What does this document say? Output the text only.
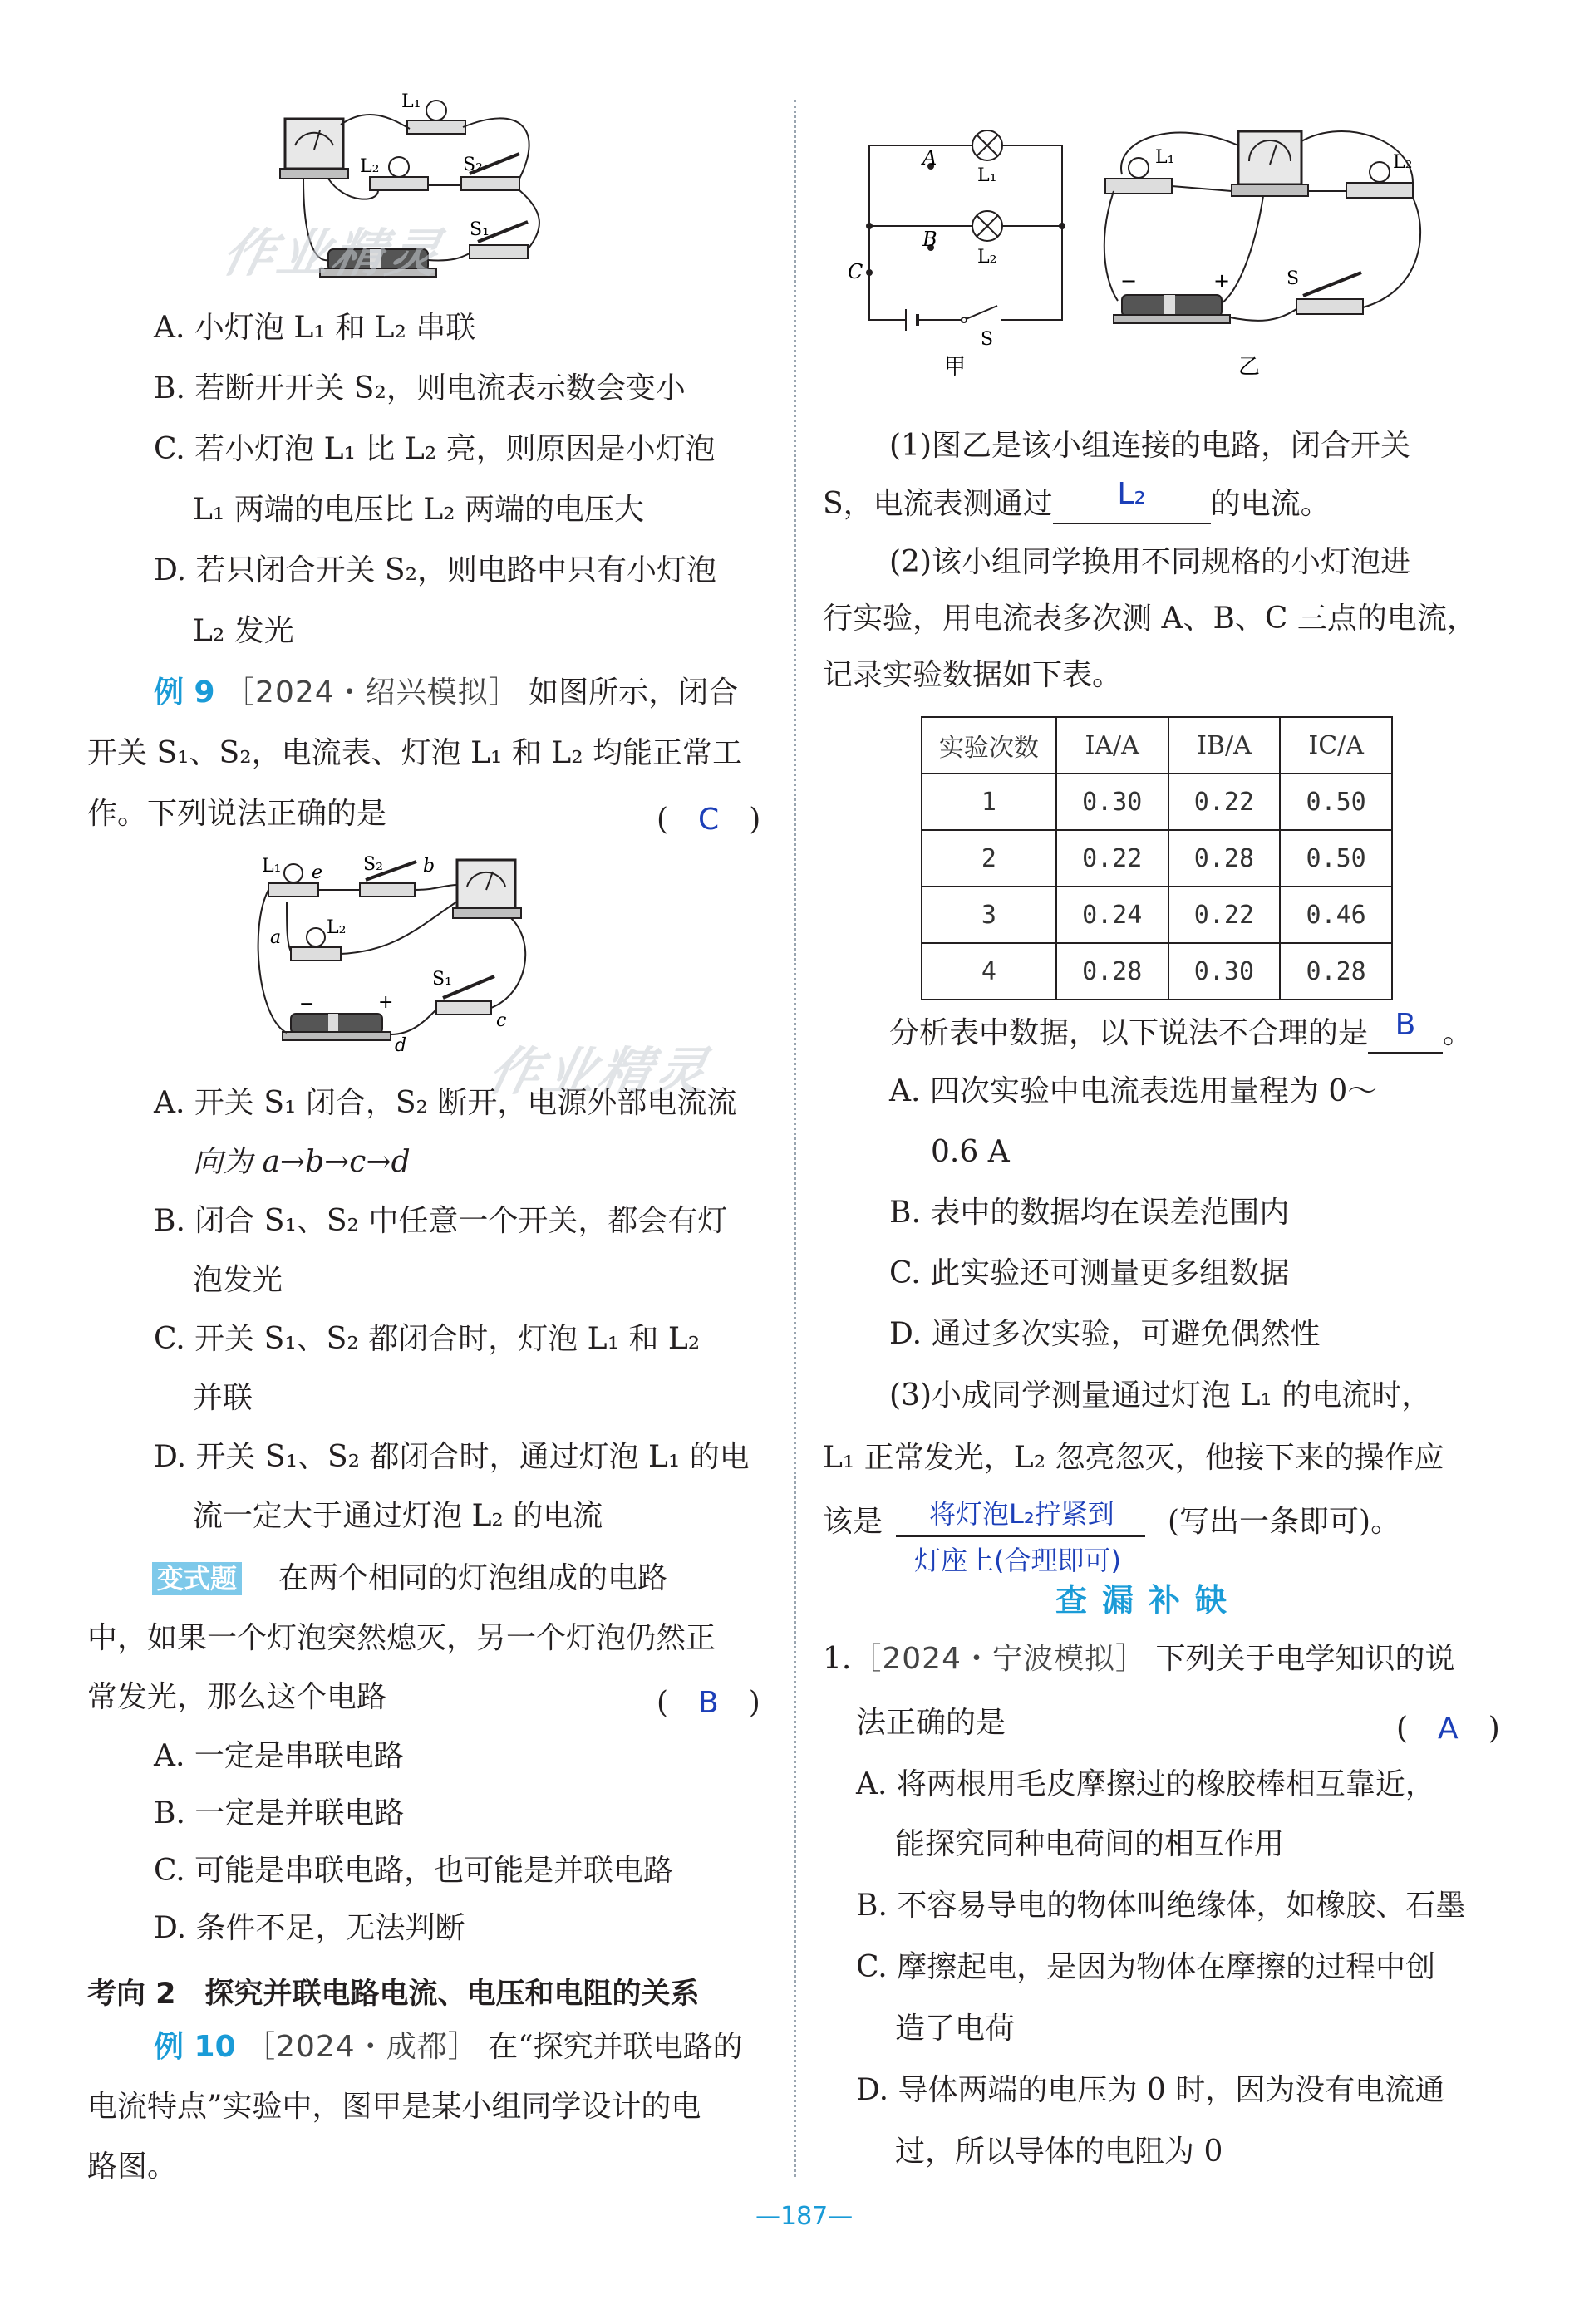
L₁
L₂	S₂
S₁
作业精灵
A. 小灯泡 L₁ 和 L₂ 串联
B. 若断开开关 S₂，则电流表示数会变小
C. 若小灯泡 L₁ 比 L₂ 亮，则原因是小灯泡
L₁ 两端的电压比 L₂ 两端的电压大
D. 若只闭合开关 S₂，则电路中只有小灯泡
L₂ 发光
例 9 ［2024・绍兴模拟］ 如图所示，闭合
开关 S₁、S₂，电流表、灯泡 L₁ 和 L₂ 均能正常工
作。下列说法正确的是	(　C　)
L₁ e S₂ b
a L₂
S₁
c
−	+
d 作业精灵
A. 开关 S₁ 闭合，S₂ 断开，电源外部电流流
向为 a→b→c→d
B. 闭合 S₁、S₂ 中任意一个开关，都会有灯
泡发光
C. 开关 S₁、S₂ 都闭合时，灯泡 L₁ 和 L₂
并联
D. 开关 S₁、S₂ 都闭合时，通过灯泡 L₁ 的电
流一定大于通过灯泡 L₂ 的电流
变式题 在两个相同的灯泡组成的电路
中，如果一个灯泡突然熄灭，另一个灯泡仍然正
常发光，那么这个电路	(　B　)
A. 一定是串联电路
B. 一定是并联电路
C. 可能是串联电路，也可能是并联电路
D. 条件不足，无法判断
考向 2　探究并联电路电流、电压和电阻的关系
例 10 ［2024・成都］ 在“探究并联电路的
电流特点”实验中，图甲是某小组同学设计的电
路图。
A
B
C
L₁
L₂
S
甲
L₁	L₂
−	+	S
乙
(1)图乙是该小组连接的电路，闭合开关
S，电流表测通过 L₂ 的电流。
(2)该小组同学换用不同规格的小灯泡进
行实验，用电流表多次测 A、B、C 三点的电流，
记录实验数据如下表。
实验次数	IA/A	IB/A	IC/A
1	0.30	0.22	0.50
2	0.22	0.28	0.50
3	0.24	0.22	0.46
4	0.28	0.30	0.28
分析表中数据，以下说法不合理的是 B 。
A. 四次实验中电流表选用量程为 0～
0.6 A
B. 表中的数据均在误差范围内
C. 此实验还可测量更多组数据
D. 通过多次实验，可避免偶然性
(3)小成同学测量通过灯泡 L₁ 的电流时，
L₁ 正常发光，L₂ 忽亮忽灭，他接下来的操作应
该是 将灯泡L₂拧紧到 (写出一条即可)。
灯座上(合理即可)
查漏补缺
1.［2024・宁波模拟］ 下列关于电学知识的说
法正确的是	(　A　)
A. 将两根用毛皮摩擦过的橡胶棒相互靠近，
能探究同种电荷间的相互作用
B. 不容易导电的物体叫绝缘体，如橡胶、石墨
C. 摩擦起电，是因为物体在摩擦的过程中创
造了电荷
D. 导体两端的电压为 0 时，因为没有电流通
过，所以导体的电阻为 0
—187—
